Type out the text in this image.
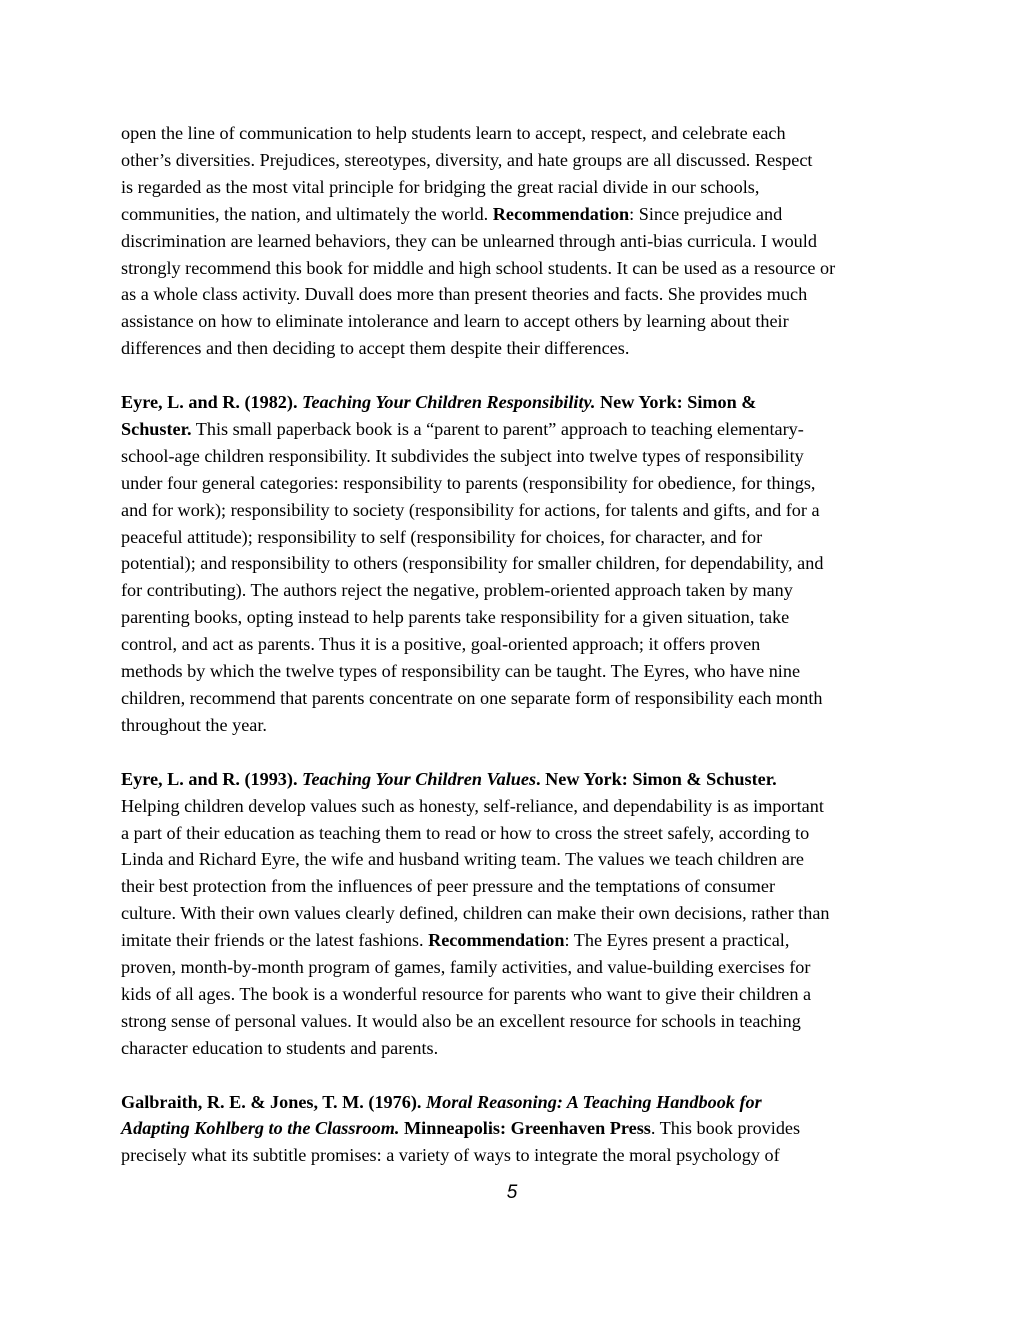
open the line of communication to help students learn to accept, respect, and celebrate each
other’s diversities. Prejudices, stereotypes, diversity, and hate groups are all discussed. Respect
is regarded as the most vital principle for bridging the great racial divide in our schools,
communities, the nation, and ultimately the world. Recommendation: Since prejudice and
discrimination are learned behaviors, they can be unlearned through anti-bias curricula. I would
strongly recommend this book for middle and high school students. It can be used as a resource or
as a whole class activity. Duvall does more than present theories and facts. She provides much
assistance on how to eliminate intolerance and learn to accept others by learning about their
differences and then deciding to accept them despite their differences.

Eyre, L. and R. (1982). Teaching Your Children Responsibility. New York: Simon &
Schuster. This small paperback book is a “parent to parent” approach to teaching elementary-
school-age children responsibility. It subdivides the subject into twelve types of responsibility
under four general categories: responsibility to parents (responsibility for obedience, for things,
and for work); responsibility to society (responsibility for actions, for talents and gifts, and for a
peaceful attitude); responsibility to self (responsibility for choices, for character, and for
potential); and responsibility to others (responsibility for smaller children, for dependability, and
for contributing). The authors reject the negative, problem-oriented approach taken by many
parenting books, opting instead to help parents take responsibility for a given situation, take
control, and act as parents. Thus it is a positive, goal-oriented approach; it offers proven
methods by which the twelve types of responsibility can be taught. The Eyres, who have nine
children, recommend that parents concentrate on one separate form of responsibility each month
throughout the year.

Eyre, L. and R. (1993). Teaching Your Children Values. New York: Simon & Schuster.
Helping children develop values such as honesty, self-reliance, and dependability is as important
a part of their education as teaching them to read or how to cross the street safely, according to
Linda and Richard Eyre, the wife and husband writing team. The values we teach children are
their best protection from the influences of peer pressure and the temptations of consumer
culture. With their own values clearly defined, children can make their own decisions, rather than
imitate their friends or the latest fashions. Recommendation: The Eyres present a practical,
proven, month-by-month program of games, family activities, and value-building exercises for
kids of all ages. The book is a wonderful resource for parents who want to give their children a
strong sense of personal values. It would also be an excellent resource for schools in teaching
character education to students and parents.

Galbraith, R. E. & Jones, T. M. (1976). Moral Reasoning: A Teaching Handbook for
Adapting Kohlberg to the Classroom. Minneapolis: Greenhaven Press. This book provides
precisely what its subtitle promises: a variety of ways to integrate the moral psychology of

5
